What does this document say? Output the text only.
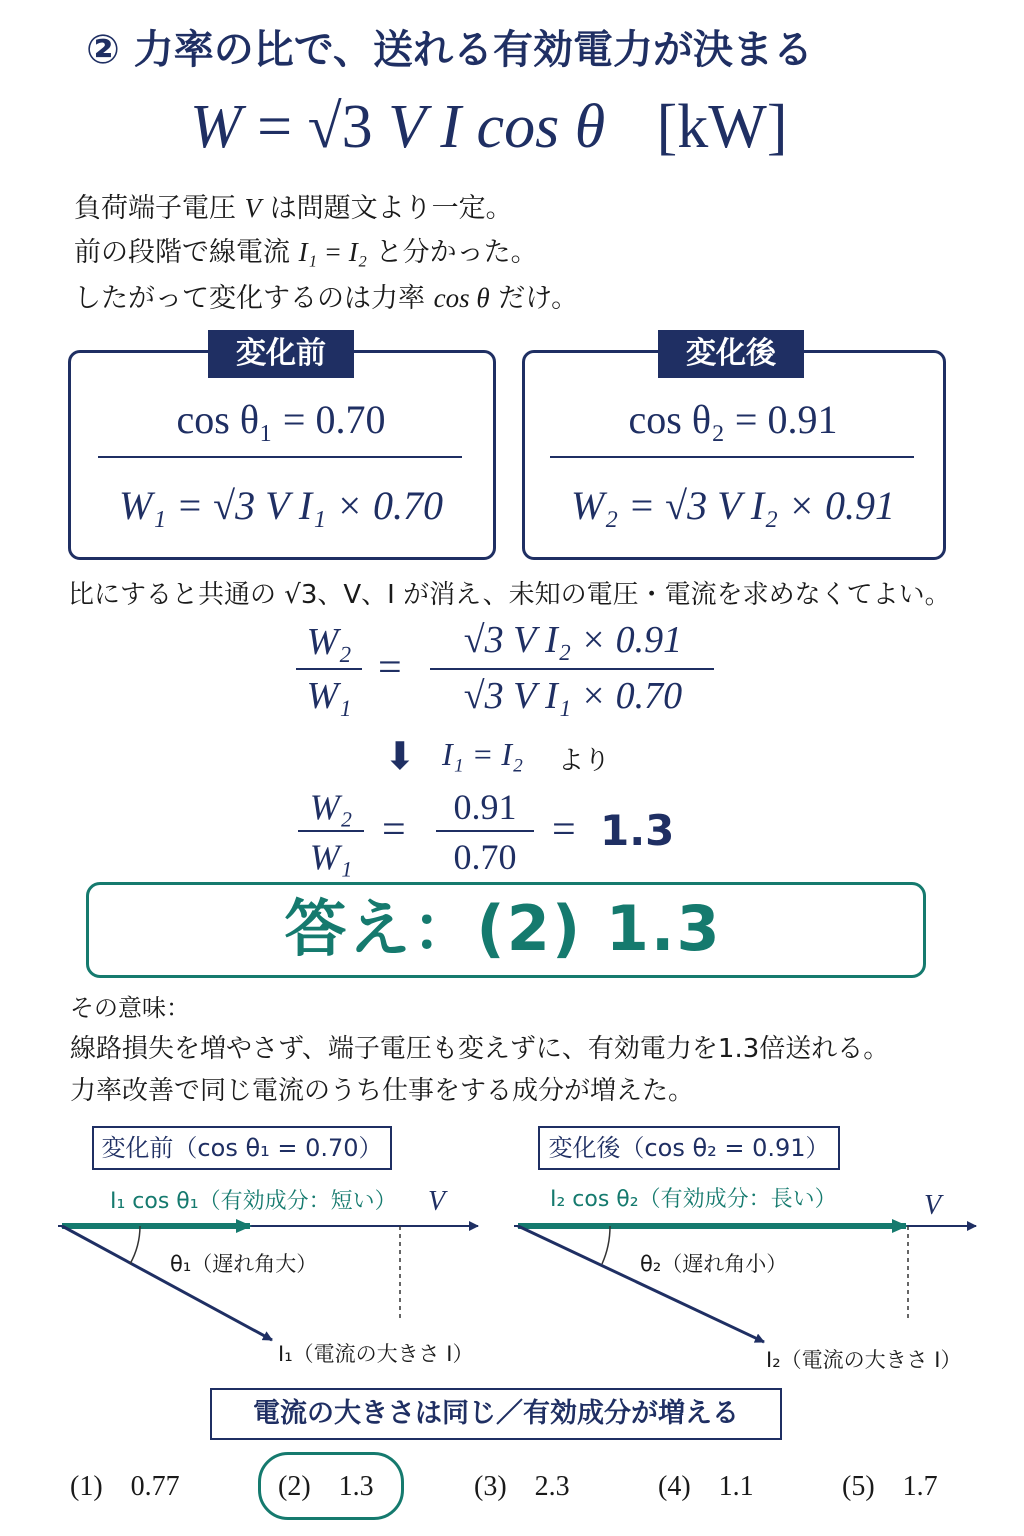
② 力率の比で、送れる有効電力が決まる
W = √3 V I cos θ [kW]
負荷端子電圧 V は問題文より一定。
前の段階で線電流 I₁ = I₂ と分かった。
したがって変化するのは力率 cos θ だけ。
変化前
cos θ₁ = 0.70
W₁ = √3 V I₁ × 0.70
変化後
cos θ₂ = 0.91
W₂ = √3 V I₂ × 0.91
比にすると共通の √3、V、I が消え、未知の電圧・電流を求めなくてよい。
W₂
W₁
=
√3 V I₂ × 0.91
√3 V I₁ × 0.70
⬇ I₁ = I₂ より
W₂
W₁
=	0.91
0.70
= 1.3
答え：(2) 1.3
その意味：
線路損失を増やさず、端子電圧も変えずに、有効電力を1.3倍送れる。
力率改善で同じ電流のうち仕事をする成分が増えた。
変化前（cos θ₁ = 0.70）	変化後（cos θ₂ = 0.91）
I₁ cos θ₁（有効成分：短い） V
θ₁（遅れ角大）
I₁（電流の大きさ I）
I₂ cos θ₂（有効成分：長い）	V
θ₂（遅れ角小）
I₂（電流の大きさ I）
電流の大きさは同じ／有効成分が増える
(1)　0.77	(2)　1.3	(3)　2.3	(4)　1.1	(5)　1.7
